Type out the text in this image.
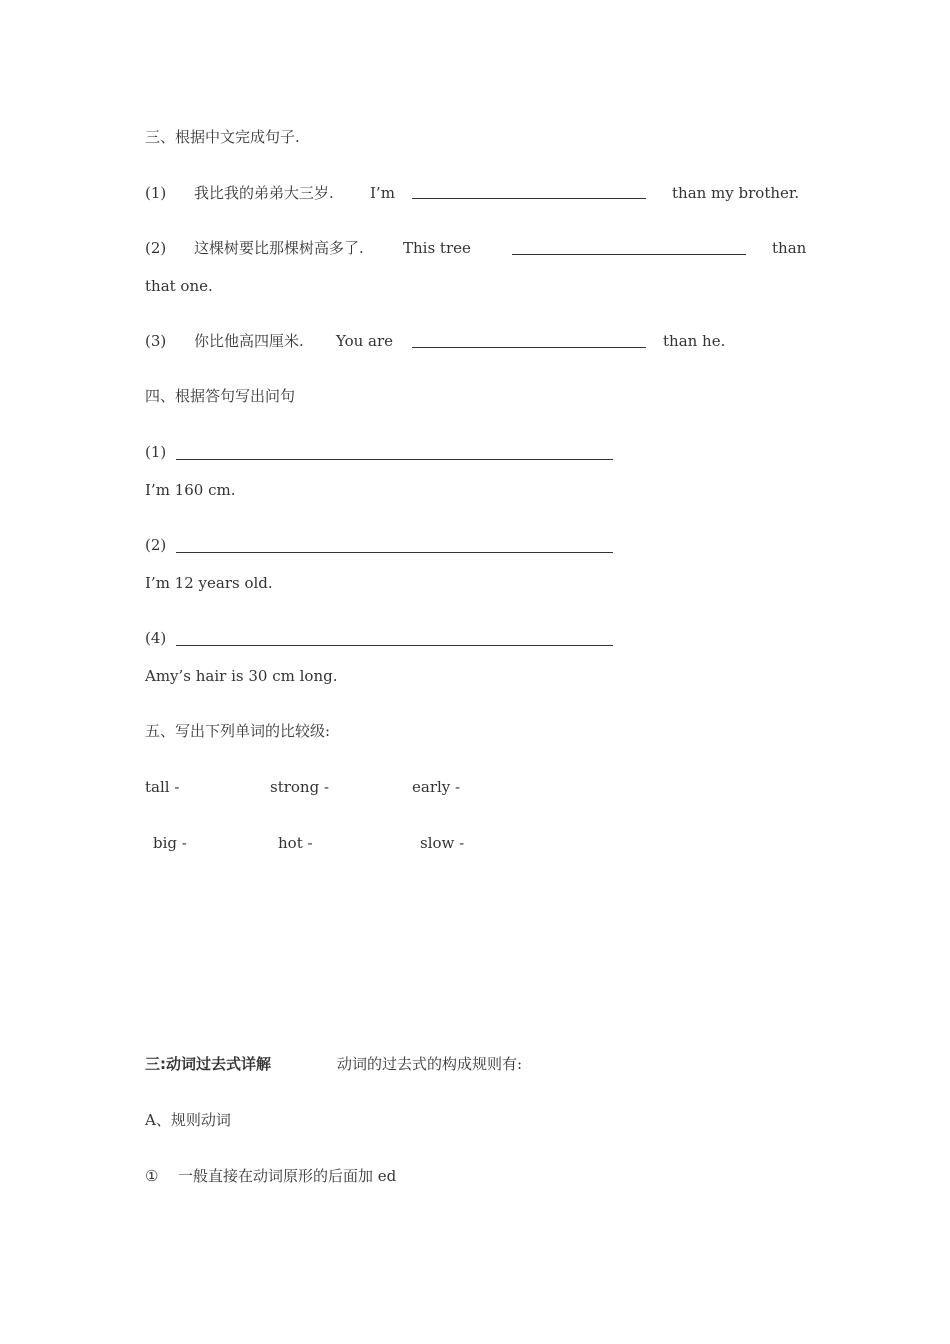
三、根据中文完成句子.
(1) 我比我的弟弟大三岁. I’m	than my brother.
(2) 这棵树要比那棵树高多了.	This tree	than
that one.
(3) 你比他高四厘米. You are	than he.
四、根据答句写出问句
(1)
I’m 160 cm.
(2)
I’m 12 years old.
(4)
Amy’s hair is 30 cm long.
五、写出下列单词的比较级:
tall -	strong -	early -
big -	hot -	slow -
三:动词过去式详解	动词的过去式的构成规则有:
A、规则动词
① 一般直接在动词原形的后面加 ed
